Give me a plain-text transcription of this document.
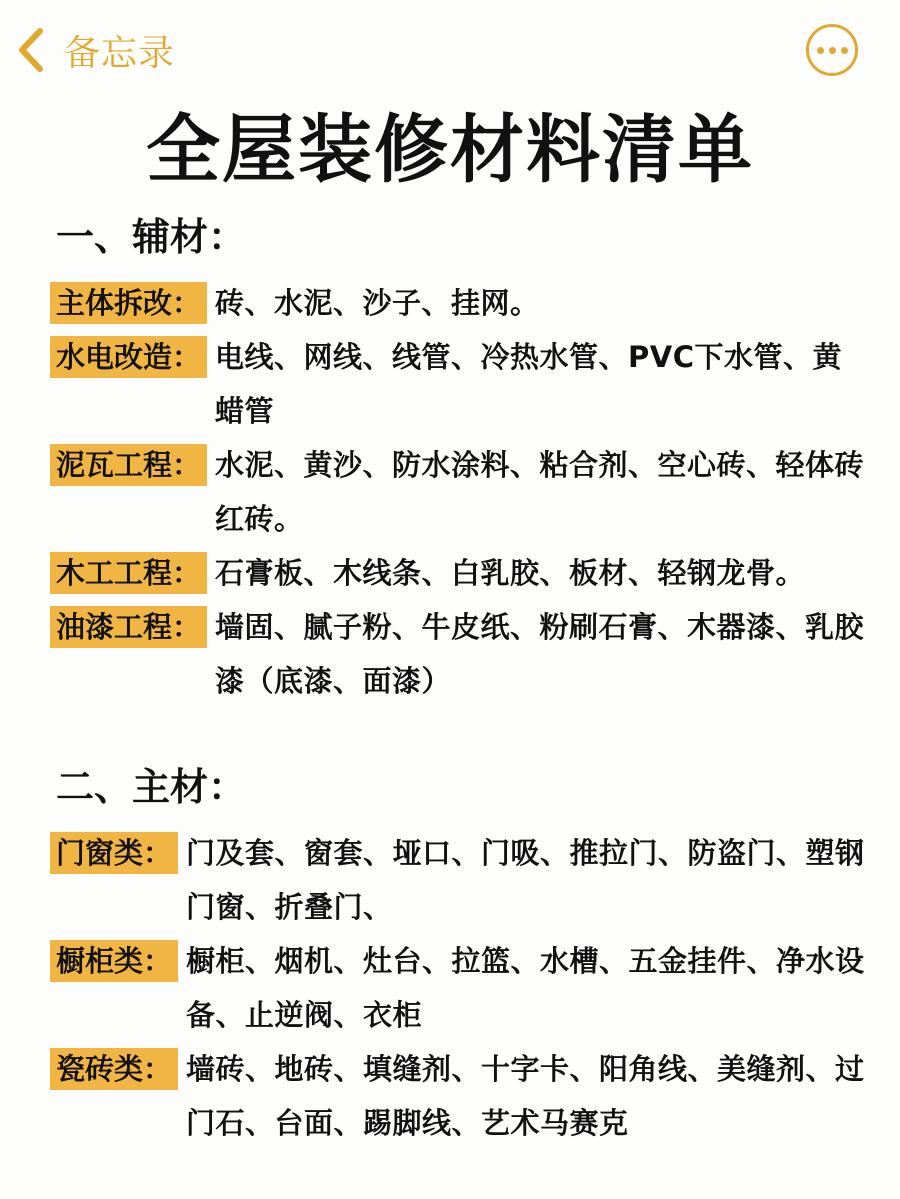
备忘录
全屋装修材料清单
一、辅材：
主体拆改： 砖、水泥、沙子、挂网。
水电改造： 电线、网线、线管、冷热水管、PVC下水管、黄蜡管
泥瓦工程： 水泥、黄沙、防水涂料、粘合剂、空心砖、轻体砖红砖。
木工工程： 石膏板、木线条、白乳胶、板材、轻钢龙骨。
油漆工程： 墙固、腻子粉、牛皮纸、粉刷石膏、木器漆、乳胶漆（底漆、面漆）
二、主材：
门窗类： 门及套、窗套、垭口、门吸、推拉门、防盗门、塑钢门窗、折叠门、
橱柜类： 橱柜、烟机、灶台、拉篮、水槽、五金挂件、净水设备、止逆阀、衣柜
瓷砖类： 墙砖、地砖、填缝剂、十字卡、阳角线、美缝剂、过门石、台面、踢脚线、艺术马赛克
